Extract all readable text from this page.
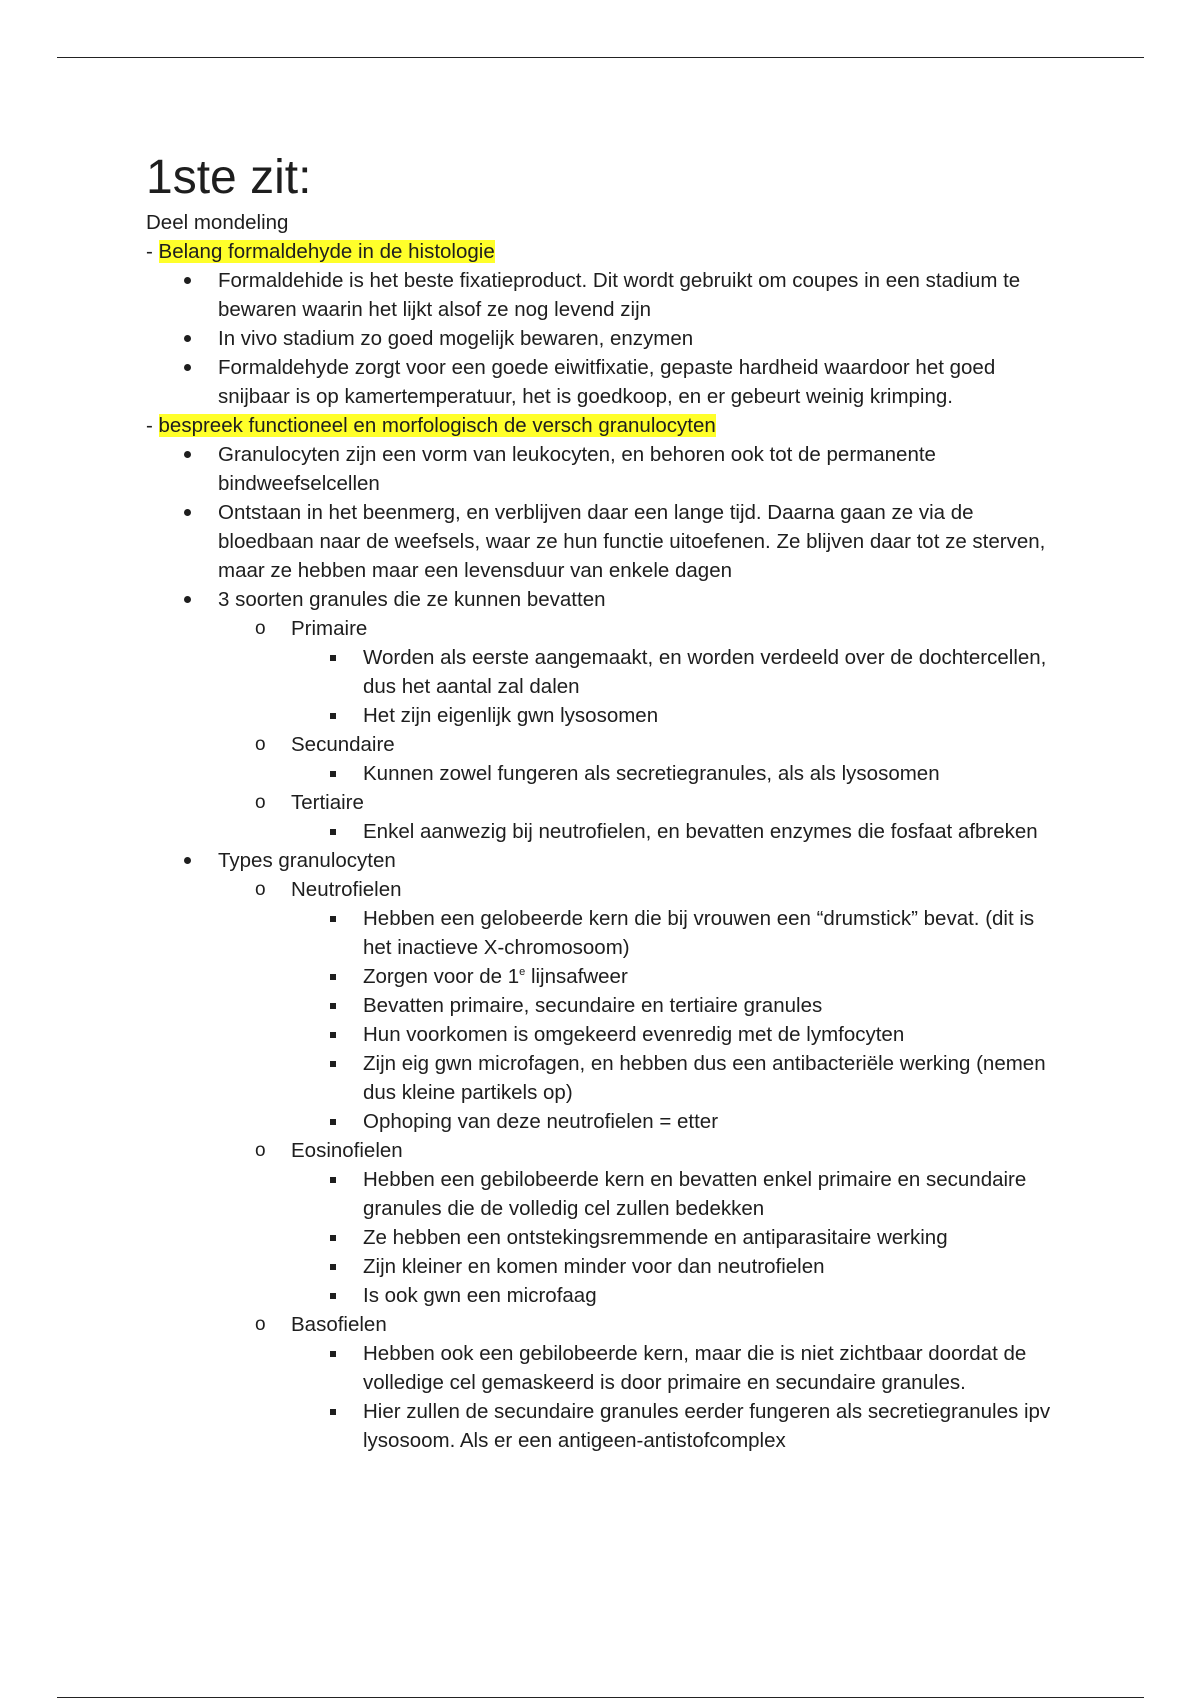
1ste zit:

Deel mondeling

- Belang formaldehyde in de histologie

Formaldehide is het beste fixatieproduct. Dit wordt gebruikt om coupes in een stadium te bewaren waarin het lijkt alsof ze nog levend zijn
In vivo stadium zo goed mogelijk bewaren, enzymen
Formaldehyde zorgt voor een goede eiwitfixatie, gepaste hardheid waardoor het goed snijbaar is op kamertemperatuur, het is goedkoop, en er gebeurt weinig krimping.

- bespreek functioneel en morfologisch de versch granulocyten

Granulocyten zijn een vorm van leukocyten, en behoren ook tot de permanente bindweefselcellen
Ontstaan in het beenmerg, en verblijven daar een lange tijd. Daarna gaan ze via de bloedbaan naar de weefsels, waar ze hun functie uitoefenen. Ze blijven daar tot ze sterven, maar ze hebben maar een levensduur van enkele dagen
3 soorten granules die ze kunnen bevatten
o Primaire
Worden als eerste aangemaakt, en worden verdeeld over de dochtercellen, dus het aantal zal dalen
Het zijn eigenlijk gwn lysosomen
o Secundaire
Kunnen zowel fungeren als secretiegranules, als als lysosomen
o Tertiaire
Enkel aanwezig bij neutrofielen, en bevatten enzymes die fosfaat afbreken
Types granulocyten
o Neutrofielen
Hebben een gelobeerde kern die bij vrouwen een “drumstick” bevat. (dit is het inactieve X-chromosoom)
Zorgen voor de 1e lijnsafweer
Bevatten primaire, secundaire en tertiaire granules
Hun voorkomen is omgekeerd evenredig met de lymfocyten
Zijn eig gwn microfagen, en hebben dus een antibacteriële werking (nemen dus kleine partikels op)
Ophoping van deze neutrofielen = etter
o Eosinofielen
Hebben een gebilobeerde kern en bevatten enkel primaire en secundaire granules die de volledig cel zullen bedekken
Ze hebben een ontstekingsremmende en antiparasitaire werking
Zijn kleiner en komen minder voor dan neutrofielen
Is ook gwn een microfaag
o Basofielen
Hebben ook een gebilobeerde kern, maar die is niet zichtbaar doordat de volledige cel gemaskeerd is door primaire en secundaire granules.
Hier zullen de secundaire granules eerder fungeren als secretiegranules ipv lysosoom. Als er een antigeen-antistofcomplex
